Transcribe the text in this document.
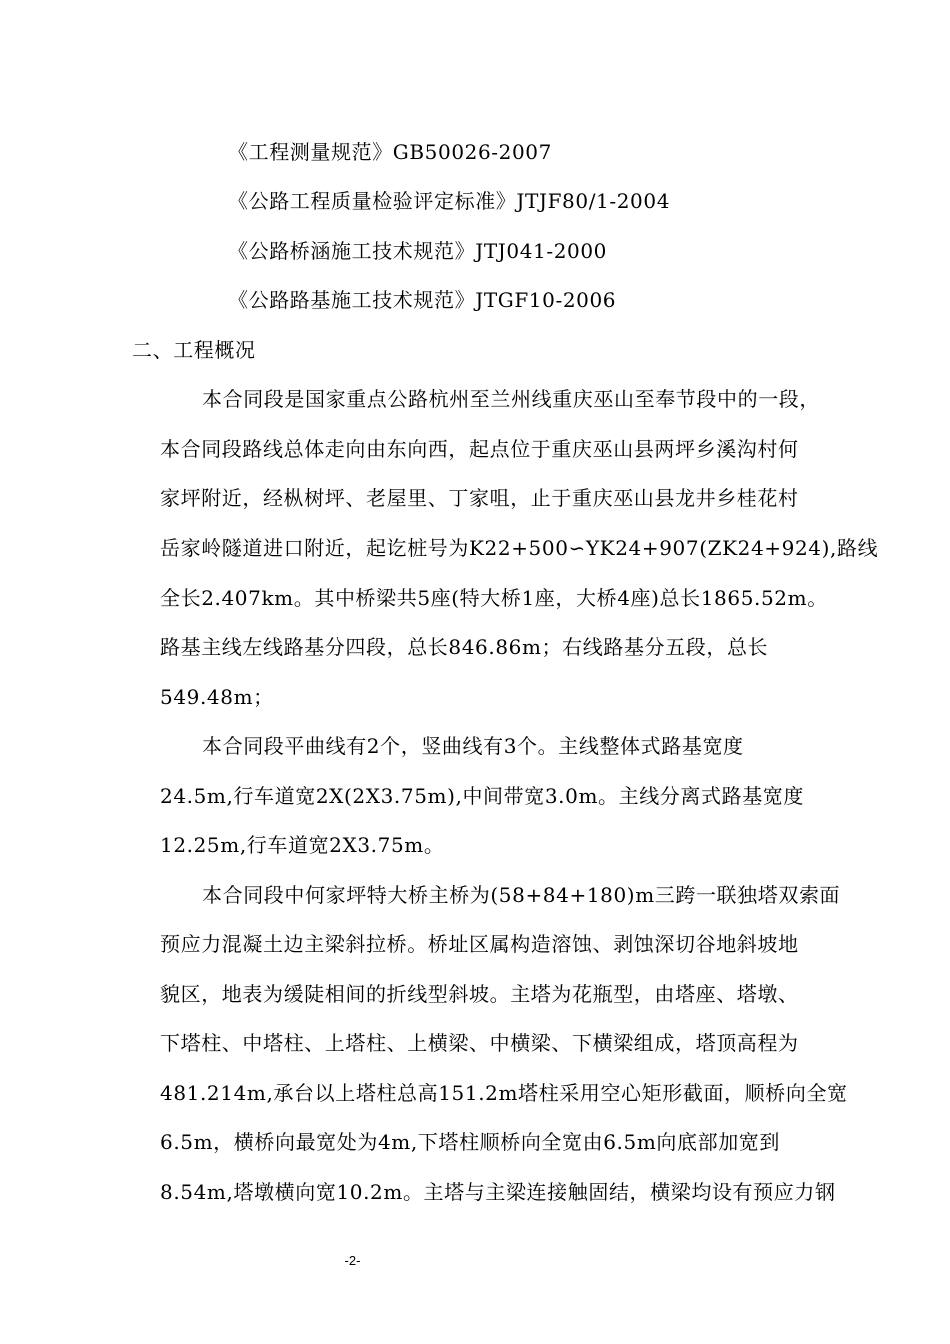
《工程测量规范》GB50026-2007
《公路工程质量检验评定标准》JTJF80/1-2004
《公路桥涵施工技术规范》JTJ041-2000
《公路路基施工技术规范》JTGF10-2006
二、工程概况
本合同段是国家重点公路杭州至兰州线重庆巫山至奉节段中的一段，
本合同段路线总体走向由东向西，起点位于重庆巫山县两坪乡溪沟村何
家坪附近，经枞树坪、老屋里、丁家咀，止于重庆巫山县龙井乡桂花村
岳家岭隧道进口附近，起讫桩号为K22+500∽YK24+907(ZK24+924),路线
全长2.407km。其中桥梁共5座(特大桥1座，大桥4座)总长1865.52m。
路基主线左线路基分四段，总长846.86m；右线路基分五段，总长
549.48m；
本合同段平曲线有2个，竖曲线有3个。主线整体式路基宽度
24.5m,行车道宽2X(2X3.75m),中间带宽3.0m。主线分离式路基宽度
12.25m,行车道宽2X3.75m。
本合同段中何家坪特大桥主桥为(58+84+180)m三跨一联独塔双索面
预应力混凝土边主梁斜拉桥。桥址区属构造溶蚀、剥蚀深切谷地斜坡地
貌区，地表为缓陡相间的折线型斜坡。主塔为花瓶型，由塔座、塔墩、
下塔柱、中塔柱、上塔柱、上横梁、中横梁、下横梁组成，塔顶高程为
481.214m,承台以上塔柱总高151.2m塔柱采用空心矩形截面，顺桥向全宽
6.5m，横桥向最宽处为4m,下塔柱顺桥向全宽由6.5m向底部加宽到
8.54m,塔墩横向宽10.2m。主塔与主梁连接触固结，横梁均设有预应力钢
-2-
